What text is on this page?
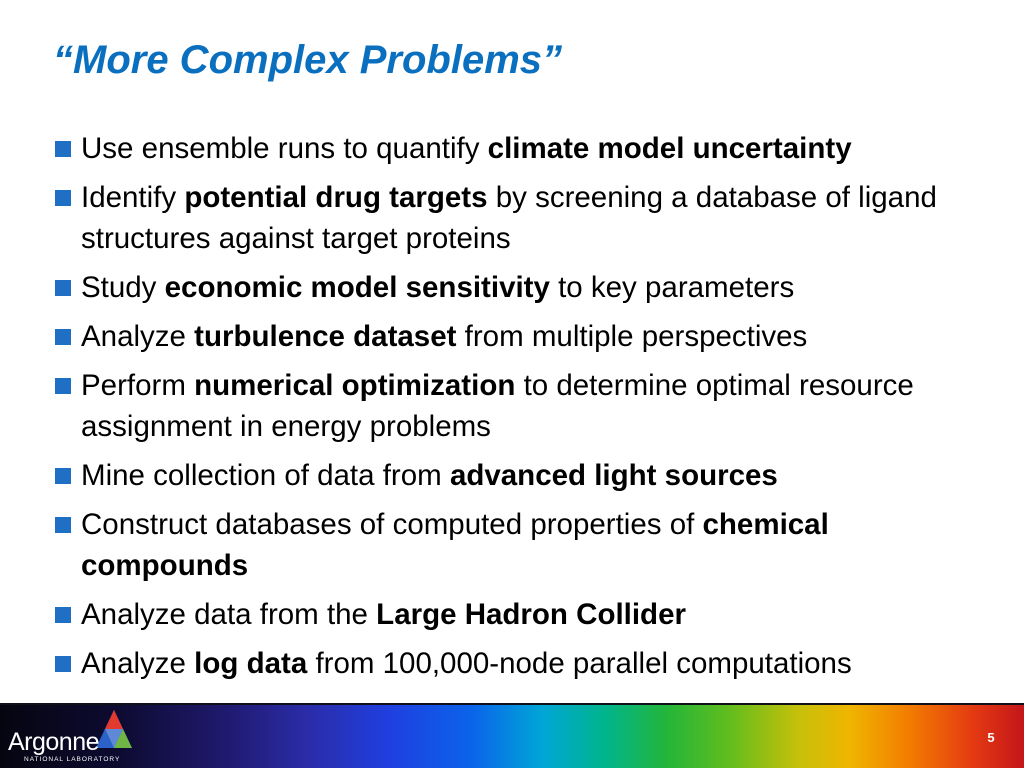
“More Complex Problems”
Use ensemble runs to quantify climate model uncertainty
Identify potential drug targets by screening a database of ligand structures against target proteins
Study economic model sensitivity to key parameters
Analyze turbulence dataset from multiple perspectives
Perform numerical optimization to determine optimal resource assignment in energy problems
Mine collection of data from advanced light sources
Construct databases of computed properties of chemical compounds
Analyze data from the Large Hadron Collider
Analyze log data from 100,000-node parallel computations
Argonne
NATIONAL LABORATORY
5
